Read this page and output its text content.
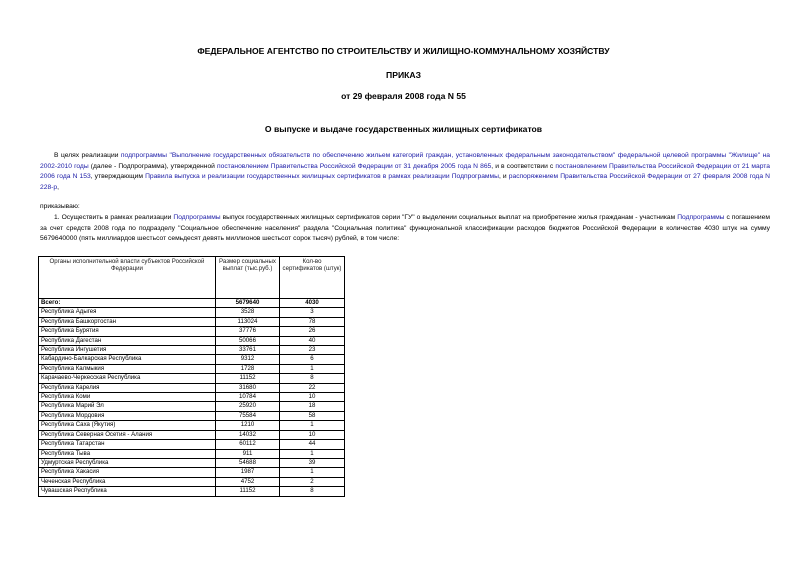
ФЕДЕРАЛЬНОЕ АГЕНТСТВО ПО СТРОИТЕЛЬСТВУ И ЖИЛИЩНО-КОММУНАЛЬНОМУ ХОЗЯЙСТВУ
ПРИКАЗ
от 29 февраля 2008 года N 55
О выпуске и выдаче государственных жилищных сертификатов

В целях реализации подпрограммы "Выполнение государственных обязательств по обеспечению жильем категорий граждан, установленных федеральным законодательством" федеральной целевой программы "Жилище" на 2002-2010 годы (далее - Подпрограмма), утвержденной постановлением Правительства Российской Федерации от 31 декабря 2005 года N 865, и в соответствии с постановлением Правительства Российской Федерации от 21 марта 2006 года N 153, утверждающим Правила выпуска и реализации государственных жилищных сертификатов в рамках реализации Подпрограммы, и распоряжением Правительства Российской Федерации от 27 февраля 2008 года N 228-р,

приказываю:

1. Осуществить в рамках реализации Подпрограммы выпуск государственных жилищных сертификатов серии "ГУ" о выделении социальных выплат на приобретение жилья гражданам - участникам Подпрограммы с погашением за счет средств 2008 года по подразделу "Социальное обеспечение населения" раздела "Социальная политика" функциональной классификации расходов бюджетов Российской Федерации в количестве 4030 штук на сумму 5679640000 (пять миллиардов шестьсот семьдесят девять миллионов шестьсот сорок тысяч) рублей, в том числе:

Органы исполнительной власти субъектов Российской Федерации	Размер социальных выплат (тыс.руб.)	Кол-во сертификатов (штук)
Всего:	5679640	4030
Республика Адыгея	3528	3
Республика Башкортостан	113024	78
Республика Бурятия	37776	26
Республика Дагестан	50066	40
Республика Ингушетия	33761	23
Кабардино-Балкарская Республика	9312	6
Республика Калмыкия	1728	1
Карачаево-Черкесская Республика	11152	8
Республика Карелия	31680	22
Республика Коми	10784	10
Республика Марий Эл	25920	18
Республика Мордовия	75584	58
Республика Саха (Якутия)	1210	1
Республика Северная Осетия - Алания	14032	10
Республика Татарстан	60112	44
Республика Тыва	911	1
Удмуртская Республика	54688	39
Республика Хакасия	1987	1
Чеченская Республика	4752	2
Чувашская Республика	11152	8
